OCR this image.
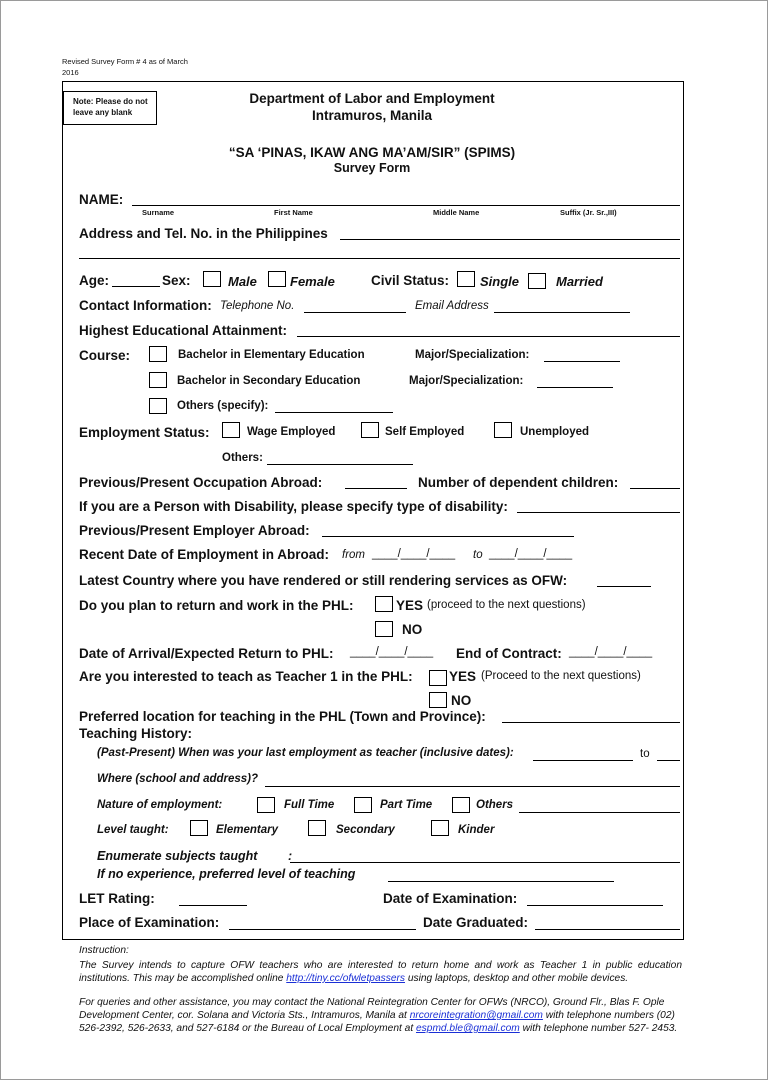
Revised Survey Form # 4 as of March
2016
Note: Please do not
leave any blank
Department of Labor and Employment
Intramuros, Manila
“SA ‘PINAS, IKAW ANG MA’AM/SIR” (SPIMS)
Survey Form
NAME:
Surname	First Name	Middle Name	Suffix (Jr. Sr.,III)
Address and Tel. No. in the Philippines
Age:	Sex:	Male	Female	Civil Status: Single	Married
Contact Information: Telephone No.	Email Address
Highest Educational Attainment:
Course:	Bachelor in Elementary Education	Major/Specialization:
Bachelor in Secondary Education	Major/Specialization:
Others (specify):
Employment Status:	Wage Employed	Self Employed	Unemployed
Others:
Previous/Present Occupation Abroad:	Number of dependent children:
If you are a Person with Disability, please specify type of disability:
Previous/Present Employer Abroad:
Recent Date of Employment in Abroad: from ____/____/____ to ____/____/____
Latest Country where you have rendered or still rendering services as OFW:
Do you plan to return and work in the PHL:	YES (proceed to the next questions)
NO
Date of Arrival/Expected Return to PHL: ____/____/____ End of Contract: ____/____/____
Are you interested to teach as Teacher 1 in the PHL:	YES (Proceed to the next questions)
NO
Preferred location for teaching in the PHL (Town and Province):
Teaching History:
(Past-Present) When was your last employment as teacher (inclusive dates):	to
Where (school and address)?
Nature of employment:	Full Time	Part Time	Others
Level taught:	Elementary	Secondary	Kinder
Enumerate subjects taught :
If no experience, preferred level of teaching
LET Rating:	Date of Examination:
Place of Examination:	Date Graduated:
Instruction:
The Survey intends to capture OFW teachers who are interested to return home and work as Teacher 1 in public education institutions. This may be accomplished online http://tiny.cc/ofwletpassers using laptops, desktop and other mobile devices.
For queries and other assistance, you may contact the National Reintegration Center for OFWs (NRCO), Ground Flr., Blas F. Ople Development Center, cor. Solana and Victoria Sts., Intramuros, Manila at nrcoreintegration@gmail.com with telephone numbers (02) 526-2392, 526-2633, and 527-6184 or the Bureau of Local Employment at espmd.ble@gmail.com with telephone number 527- 2453.
